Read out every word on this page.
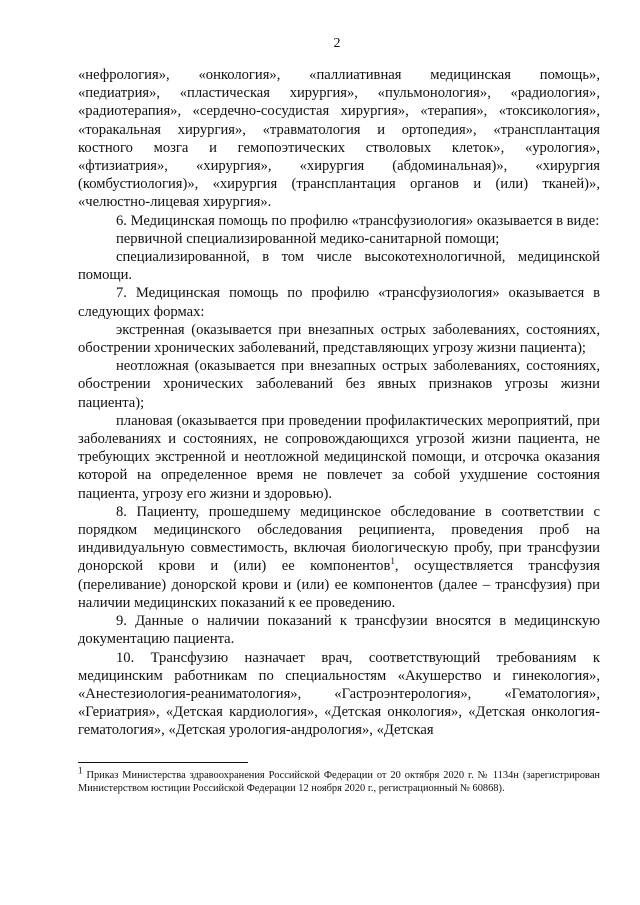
2

«нефрология», «онкология», «паллиативная медицинская помощь»,

«педиатрия», «пластическая хирургия», «пульмонология», «радиология»,

«радиотерапия», «сердечно-сосудистая хирургия», «терапия», «токсикология»,

«торакальная хирургия», «травматология и ортопедия», «трансплантация

костного мозга и гемопоэтических стволовых клеток», «урология»,

«фтизиатрия», «хирургия», «хирургия (абдоминальная)», «хирургия

(комбустиология)», «хирургия (трансплантация органов и (или) тканей)»,

«челюстно-лицевая хирургия».

6. Медицинская помощь по профилю «трансфузиология» оказывается в виде:

первичной специализированной медико-санитарной помощи;

специализированной, в том числе высокотехнологичной, медицинской помощи.

7. Медицинская помощь по профилю «трансфузиология» оказывается в следующих формах:

экстренная (оказывается при внезапных острых заболеваниях, состояниях, обострении хронических заболеваний, представляющих угрозу жизни пациента);

неотложная (оказывается при внезапных острых заболеваниях, состояниях, обострении хронических заболеваний без явных признаков угрозы жизни пациента);

плановая (оказывается при проведении профилактических мероприятий, при заболеваниях и состояниях, не сопровождающихся угрозой жизни пациента, не требующих экстренной и неотложной медицинской помощи, и отсрочка оказания которой на определенное время не повлечет за собой ухудшение состояния пациента, угрозу его жизни и здоровью).

8. Пациенту, прошедшему медицинское обследование в соответствии с порядком медицинского обследования реципиента, проведения проб на индивидуальную совместимость, включая биологическую пробу, при трансфузии донорской крови и (или) ее компонентов$^1$, осуществляется трансфузия (переливание) донорской крови и (или) ее компонентов (далее – трансфузия) при наличии медицинских показаний к ее проведению.

9. Данные о наличии показаний к трансфузии вносятся в медицинскую документацию пациента.

10. Трансфузию назначает врач, соответствующий требованиям к медицинским работникам по специальностям «Акушерство и гинекология», «Анестезиология-реаниматология», «Гастроэнтерология», «Гематология», «Гериатрия», «Детская кардиология», «Детская онкология», «Детская онкология-гематология», «Детская урология-андрология», «Детская

$^1$ Приказ Министерства здравоохранения Российской Федерации от 20 октября 2020 г. № 1134н (зарегистрирован Министерством юстиции Российской Федерации 12 ноября 2020 г., регистрационный № 60868).
